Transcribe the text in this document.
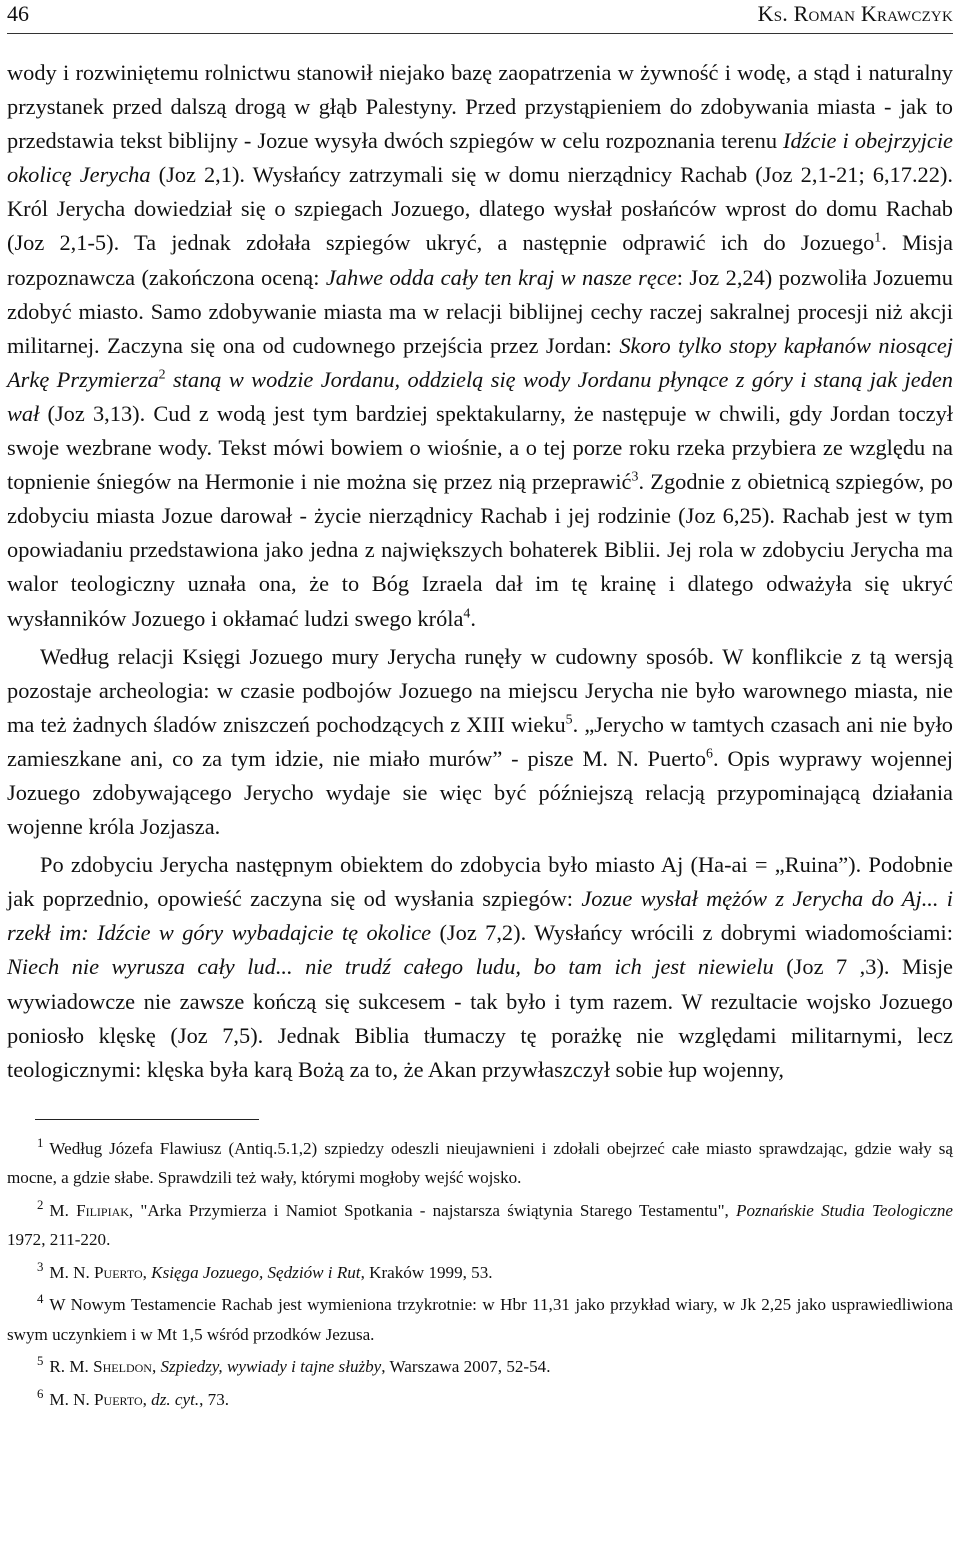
46	Ks. Roman Krawczyk

wody i rozwiniętemu rolnictwu stanowił niejako bazę zaopatrzenia w żywność i wodę, a stąd i naturalny przystanek przed dalszą drogą w głąb Palestyny. Przed przystąpieniem do zdobywania miasta - jak to przedstawia tekst biblijny - Jozue wysyła dwóch szpiegów w celu rozpoznania terenu Idźcie i obejrzyjcie okolicę Jerycha (Joz 2,1). Wysłańcy zatrzymali się w domu nierządnicy Rachab (Joz 2,1-21; 6,17.22). Król Jerycha dowiedział się o szpiegach Jozuego, dlatego wysłał posłańców wprost do domu Rachab (Joz 2,1-5). Ta jednak zdołała szpiegów ukryć, a następnie odprawić ich do Jozuego$^1$. Misja rozpoznawcza (zakończona oceną: Jahwe odda cały ten kraj w nasze ręce: Joz 2,24) pozwoliła Jozuemu zdobyć miasto. Samo zdobywanie miasta ma w relacji biblijnej cechy raczej sakralnej procesji niż akcji militarnej. Zaczyna się ona od cudownego przejścia przez Jordan: Skoro tylko stopy kapłanów niosącej Arkę Przymierza$^2$ staną w wodzie Jordanu, oddzielą się wody Jordanu płynące z góry i staną jak jeden wał (Joz 3,13). Cud z wodą jest tym bardziej spektakularny, że następuje w chwili, gdy Jordan toczył swoje wezbrane wody. Tekst mówi bowiem o wiośnie, a o tej porze roku rzeka przybiera ze względu na topnienie śniegów na Hermonie i nie można się przez nią przeprawić$^3$. Zgodnie z obietnicą szpiegów, po zdobyciu miasta Jozue darował - życie nierządnicy Rachab i jej rodzinie (Joz 6,25). Rachab jest w tym opowiadaniu przedstawiona jako jedna z największych bohaterek Biblii. Jej rola w zdobyciu Jerycha ma walor teologiczny uznała ona, że to Bóg Izraela dał im tę krainę i dlatego odważyła się ukryć wysłanników Jozuego i okłamać ludzi swego króla$^4$.

Według relacji Księgi Jozuego mury Jerycha runęły w cudowny sposób. W konflikcie z tą wersją pozostaje archeologia: w czasie podbojów Jozuego na miejscu Jerycha nie było warownego miasta, nie ma też żadnych śladów zniszczeń pochodzących z XIII wieku$^5$. „Jerycho w tamtych czasach ani nie było zamieszkane ani, co za tym idzie, nie miało murów” - pisze M. N. Puerto$^6$. Opis wyprawy wojennej Jozuego zdobywającego Jerycho wydaje sie więc być późniejszą relacją przypominającą działania wojenne króla Jozjasza.

Po zdobyciu Jerycha następnym obiektem do zdobycia było miasto Aj (Ha-ai = „Ruina”). Podobnie jak poprzednio, opowieść zaczyna się od wysłania szpiegów: Jozue wysłał mężów z Jerycha do Aj... i rzekł im: Idźcie w góry wybadajcie tę okolice (Joz 7,2). Wysłańcy wrócili z dobrymi wiadomościami: Niech nie wyrusza cały lud... nie trudź całego ludu, bo tam ich jest niewielu (Joz 7 ,3). Misje wywiadowcze nie zawsze kończą się sukcesem - tak było i tym razem. W rezultacie wojsko Jozuego poniosło klęskę (Joz 7,5). Jednak Biblia tłumaczy tę porażkę nie względami militarnymi, lecz teologicznymi: klęska była karą Bożą za to, że Akan przywłaszczył sobie łup wojenny,

$^1$ Według Józefa Flawiusz (Antiq.5.1,2) szpiedzy odeszli nieujawnieni i zdołali obejrzeć całe miasto sprawdzając, gdzie wały są mocne, a gdzie słabe. Sprawdzili też wały, którymi mogłoby wejść wojsko.

$^2$ M. Filipiak, "Arka Przymierza i Namiot Spotkania - najstarsza świątynia Starego Testamentu", Poznańskie Studia Teologiczne 1972, 211-220.

$^3$ M. N. Puerto, Księga Jozuego, Sędziów i Rut, Kraków 1999, 53.

$^4$ W Nowym Testamencie Rachab jest wymieniona trzykrotnie: w Hbr 11,31 jako przykład wiary, w Jk 2,25 jako usprawiedliwiona swym uczynkiem i w Mt 1,5 wśród przodków Jezusa.

$^5$ R. M. Sheldon, Szpiedzy, wywiady i tajne służby, Warszawa 2007, 52-54.

$^6$ M. N. Puerto, dz. cyt., 73.
